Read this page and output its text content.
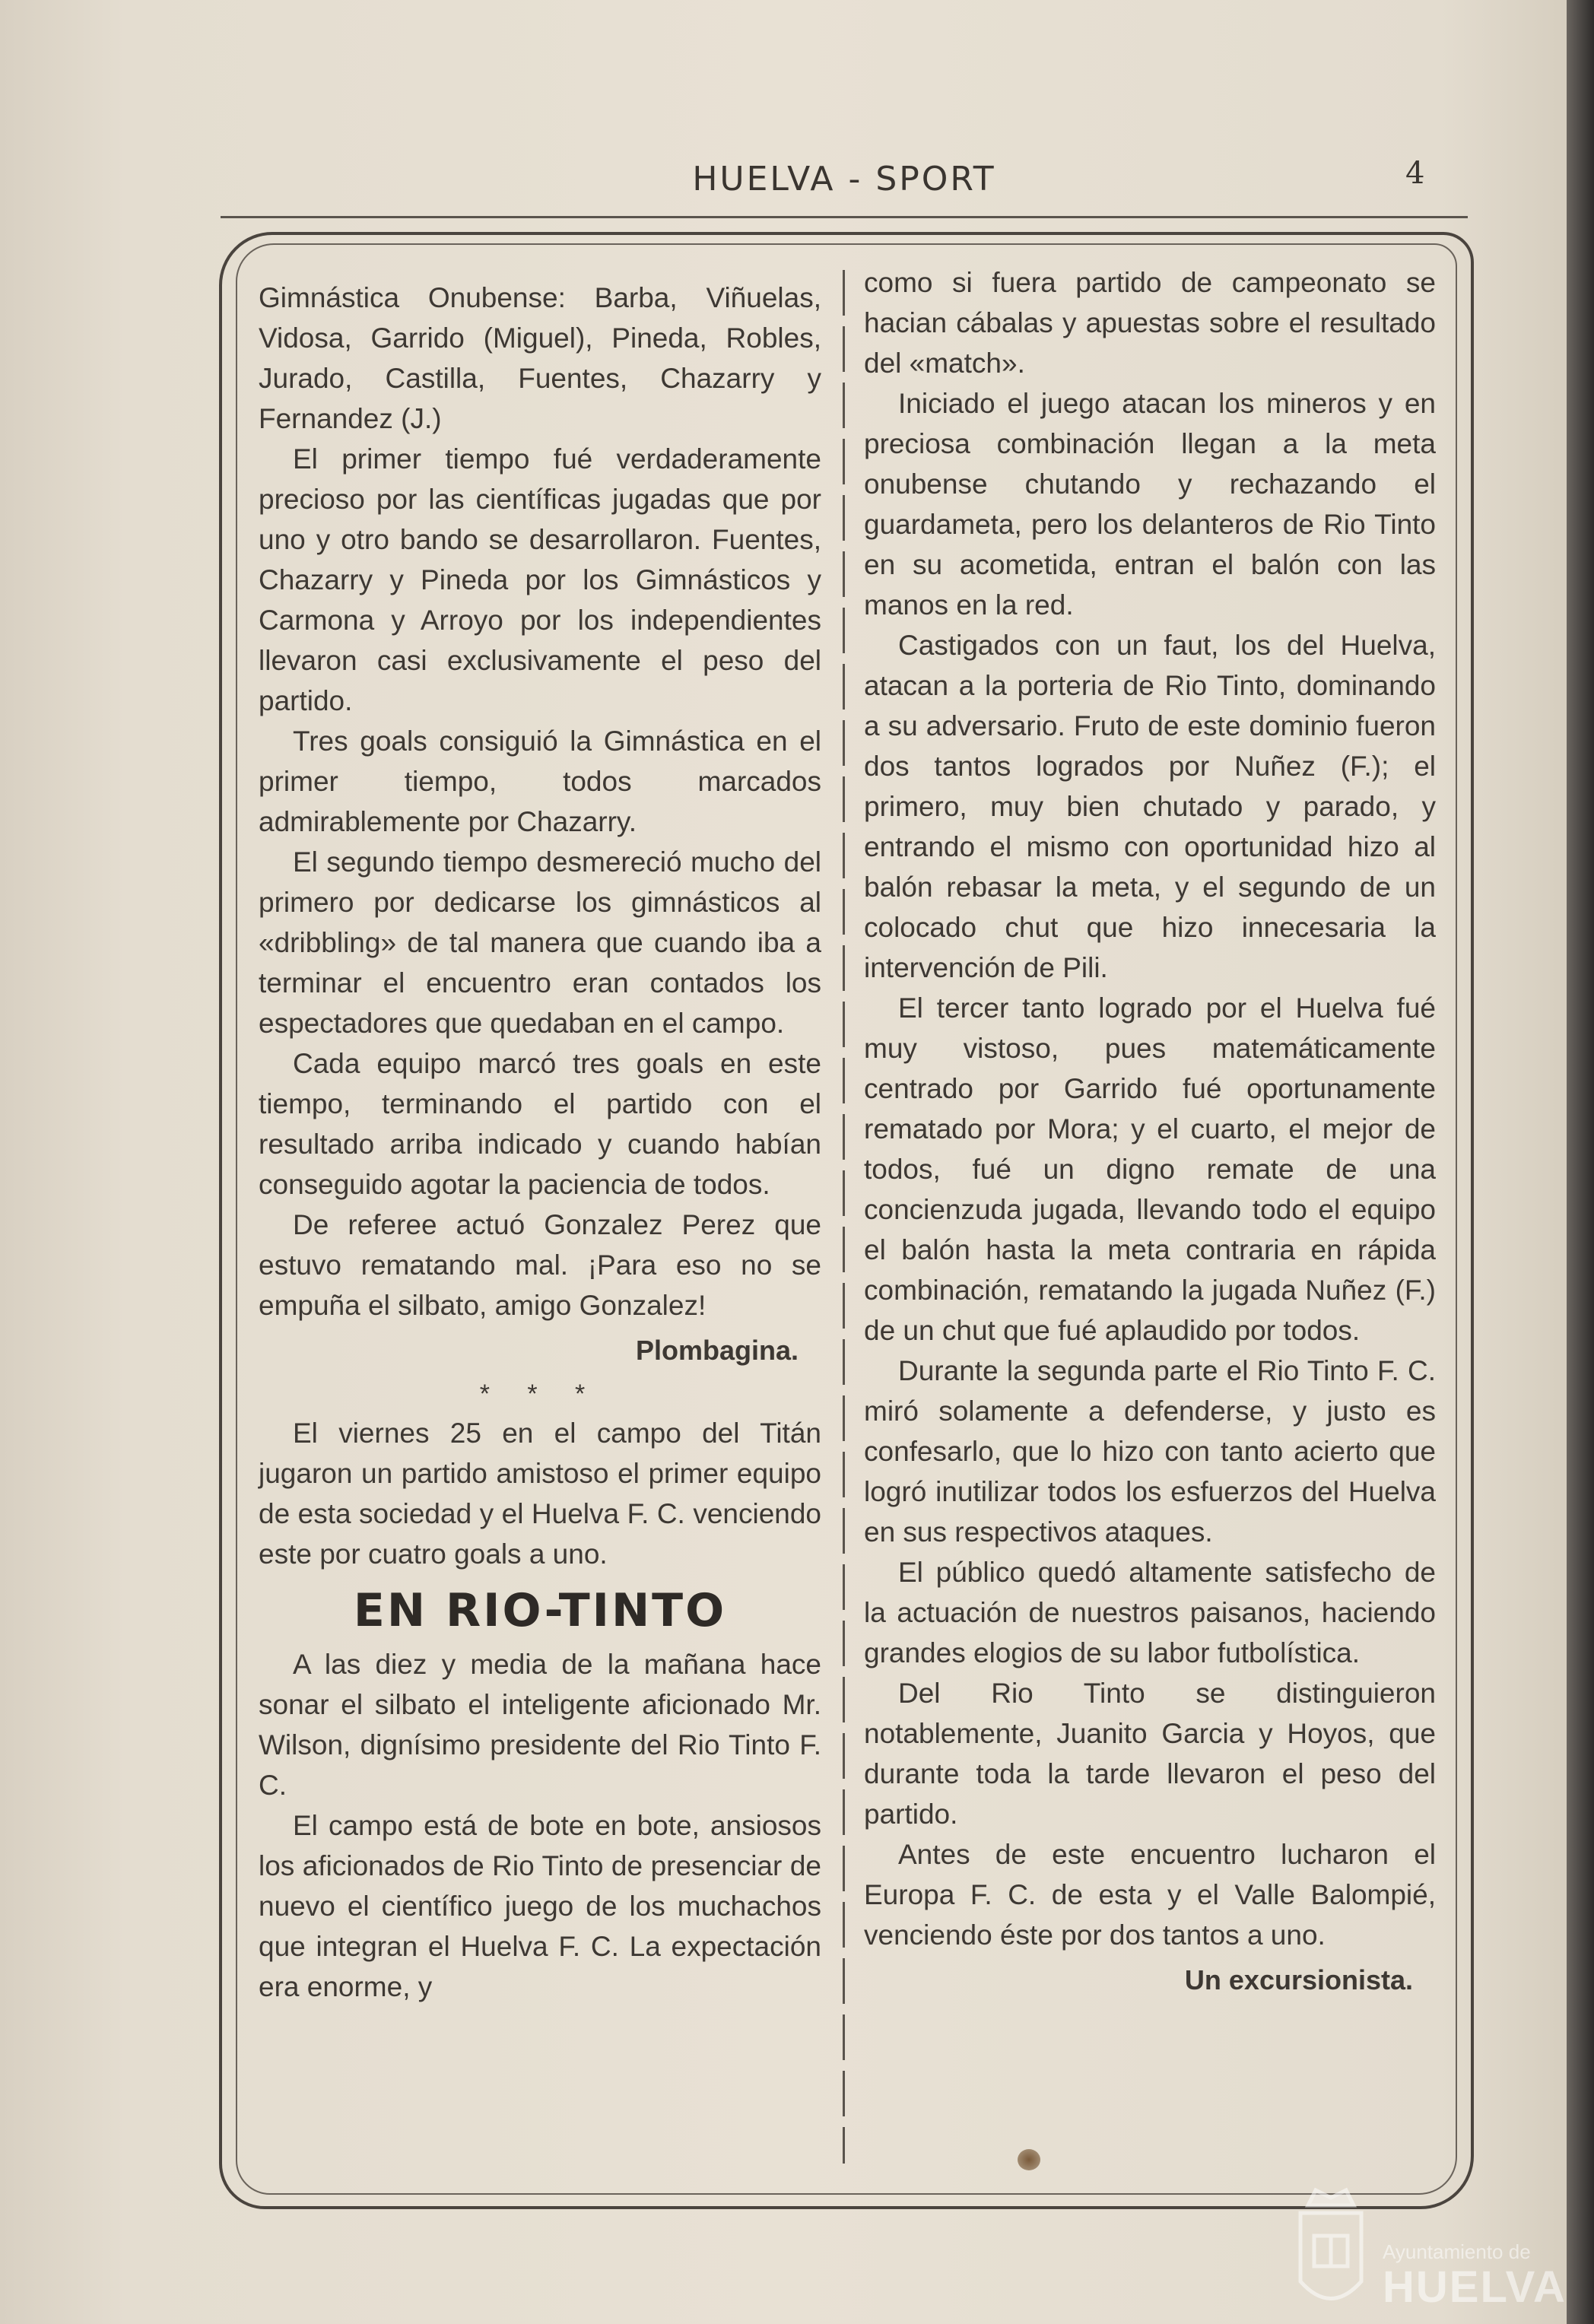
HUELVA - SPORT	4

Gimnástica Onubense: Barba, Viñuelas, Vidosa, Garrido (Miguel), Pineda, Robles, Jurado, Castilla, Fuentes, Chazarry y Fernandez (J.)

El primer tiempo fué verdaderamente precioso por las científicas jugadas que por uno y otro bando se desarrollaron. Fuentes, Chazarry y Pineda por los Gimnásticos y Carmona y Arroyo por los independientes llevaron casi exclusivamente el peso del partido.

Tres goals consiguió la Gimnástica en el primer tiempo, todos marcados admirablemente por Chazarry.

El segundo tiempo desmereció mucho del primero por dedicarse los gimnásticos al «dribbling» de tal manera que cuando iba a terminar el encuentro eran contados los espectadores que quedaban en el campo.

Cada equipo marcó tres goals en este tiempo, terminando el partido con el resultado arriba indicado y cuando habían conseguido agotar la paciencia de todos.

De referee actuó Gonzalez Perez que estuvo rematando mal. ¡Para eso no se empuña el silbato, amigo Gonzalez!

Plombagina.
* * *

El viernes 25 en el campo del Titán jugaron un partido amistoso el primer equipo de esta sociedad y el Huelva F. C. venciendo este por cuatro goals a uno.

EN RIO-TINTO

A las diez y media de la mañana hace sonar el silbato el inteligente aficionado Mr. Wilson, dignísimo presidente del Rio Tinto F. C.

El campo está de bote en bote, ansiosos los aficionados de Rio Tinto de presenciar de nuevo el científico juego de los muchachos que integran el Huelva F. C. La expectación era enorme, y

como si fuera partido de campeonato se hacian cábalas y apuestas sobre el resultado del «match».

Iniciado el juego atacan los mineros y en preciosa combinación llegan a la meta onubense chutando y rechazando el guardameta, pero los delanteros de Rio Tinto en su acometida, entran el balón con las manos en la red.

Castigados con un faut, los del Huelva, atacan a la porteria de Rio Tinto, dominando a su adversario. Fruto de este dominio fueron dos tantos logrados por Nuñez (F.); el primero, muy bien chutado y parado, y entrando el mismo con oportunidad hizo al balón rebasar la meta, y el segundo de un colocado chut que hizo innecesaria la intervención de Pili.

El tercer tanto logrado por el Huelva fué muy vistoso, pues matemáticamente centrado por Garrido fué oportunamente rematado por Mora; y el cuarto, el mejor de todos, fué un digno remate de una concienzuda jugada, llevando todo el equipo el balón hasta la meta contraria en rápida combinación, rematando la jugada Nuñez (F.) de un chut que fué aplaudido por todos.

Durante la segunda parte el Rio Tinto F. C. miró solamente a defenderse, y justo es confesarlo, que lo hizo con tanto acierto que logró inutilizar todos los esfuerzos del Huelva en sus respectivos ataques.

El público quedó altamente satisfecho de la actuación de nuestros paisanos, haciendo grandes elogios de su labor futbolística.

Del Rio Tinto se distinguieron notablemente, Juanito Garcia y Hoyos, que durante toda la tarde llevaron el peso del partido.

Antes de este encuentro lucharon el Europa F. C. de esta y el Valle Balompié, venciendo éste por dos tantos a uno.

Un excursionista.
Ayuntamiento de
HUELVA
